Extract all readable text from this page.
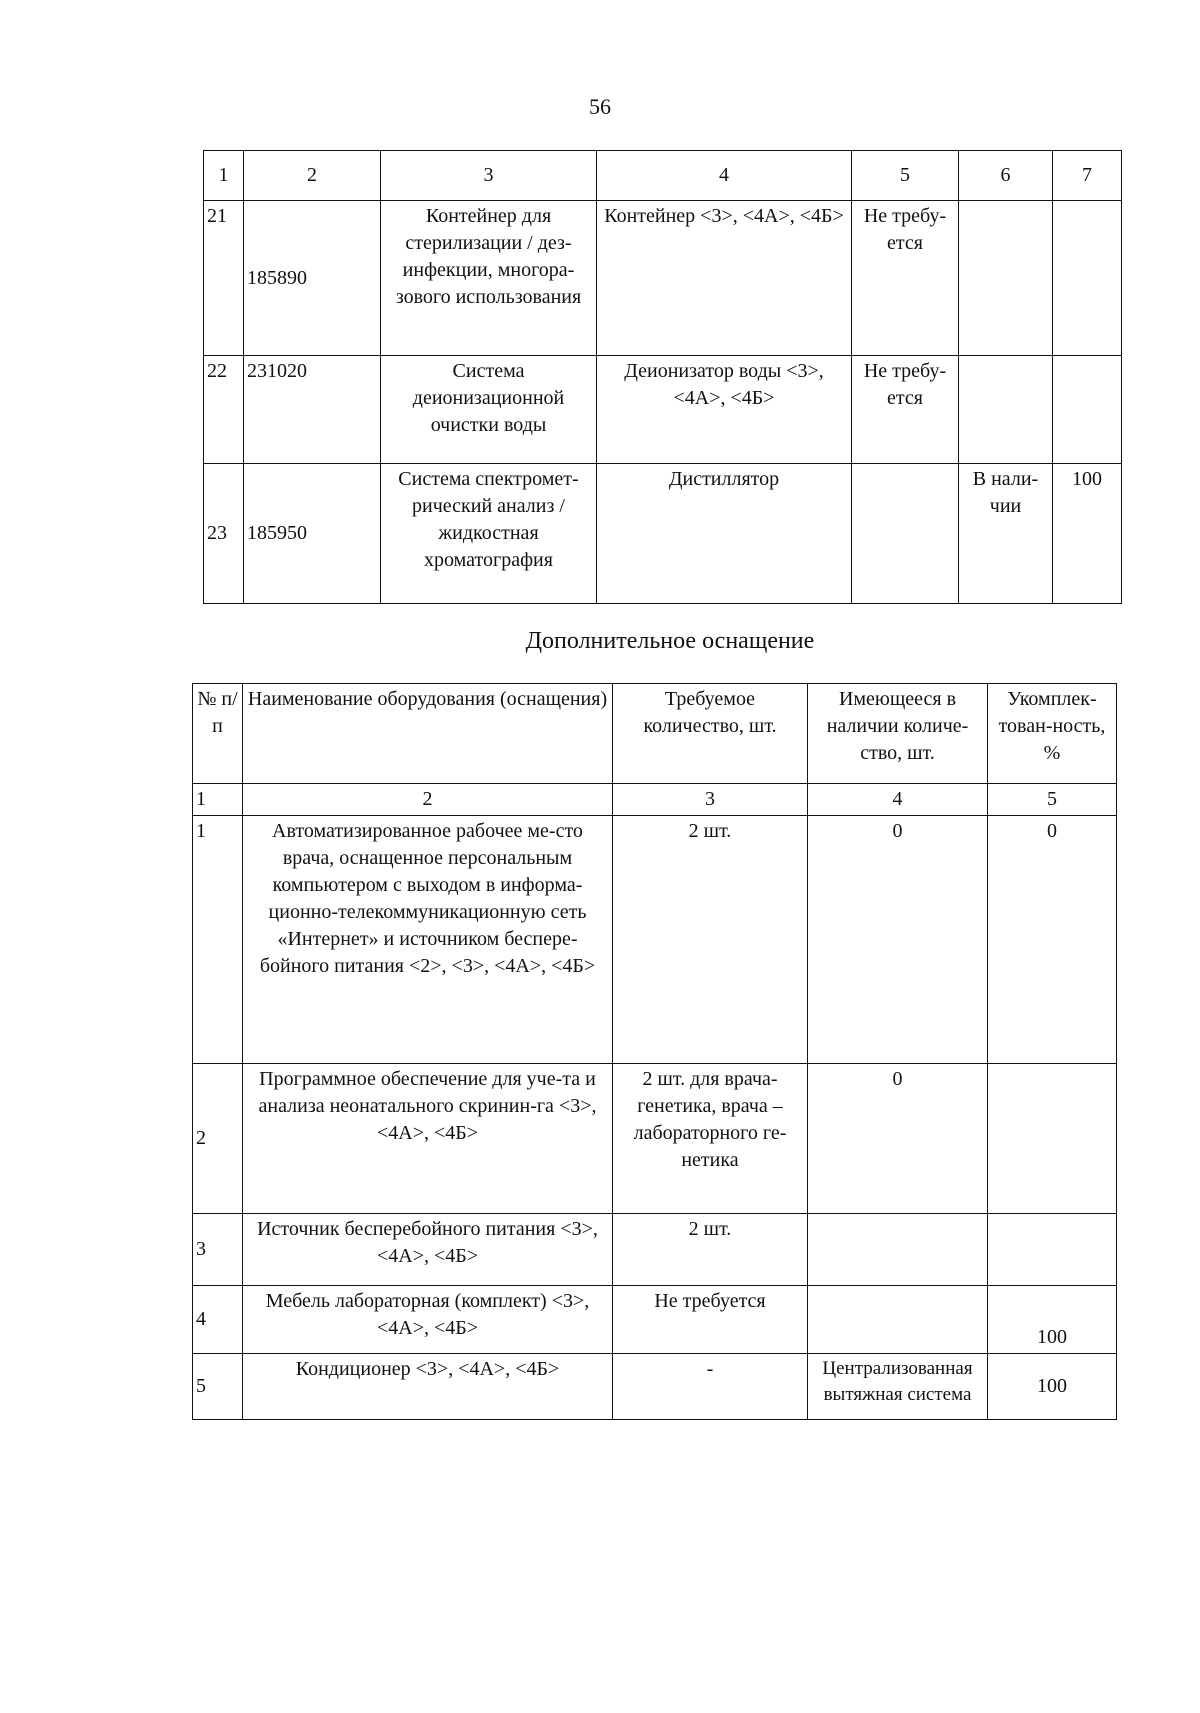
56
1	2	3	4	5	6	7
21	185890	Контейнер для стерилизации / дез-инфекции, многора-зового использования	Контейнер <3>, <4А>, <4Б>	Не требу-ется		
22	231020	Система деионизационной очистки воды	Деионизатор воды <3>, <4А>, <4Б>	Не требу-ется		
23	185950	Система спектромет-рический анализ / жидкостная хроматография	Дистиллятор		В нали-чии	100
Дополнительное оснащение
№ п/п	Наименование оборудования (оснащения)	Требуемое количество, шт.	Имеющееся в наличии количе-ство, шт.	Укомплек-тован-ность, %
1	2	3	4	5
1	Автоматизированное рабочее ме-сто врача, оснащенное персональным компьютером с выходом в информа-ционно-телекоммуникационную сеть «Интернет» и источником беспере-бойного питания <2>, <3>, <4А>, <4Б>	2 шт.	0	0
2	Программное обеспечение для уче-та и анализа неонатального скринин-га <3>, <4А>, <4Б>	2 шт. для врача-генетика, врача – лабораторного ге-нетика	0	
3	Источник бесперебойного питания <3>, <4А>, <4Б>	2 шт.		
4	Мебель лабораторная (комплект) <3>, <4А>, <4Б>	Не требуется		100
5	Кондиционер <3>, <4А>, <4Б>	-	Централизованная вытяжная система	100
